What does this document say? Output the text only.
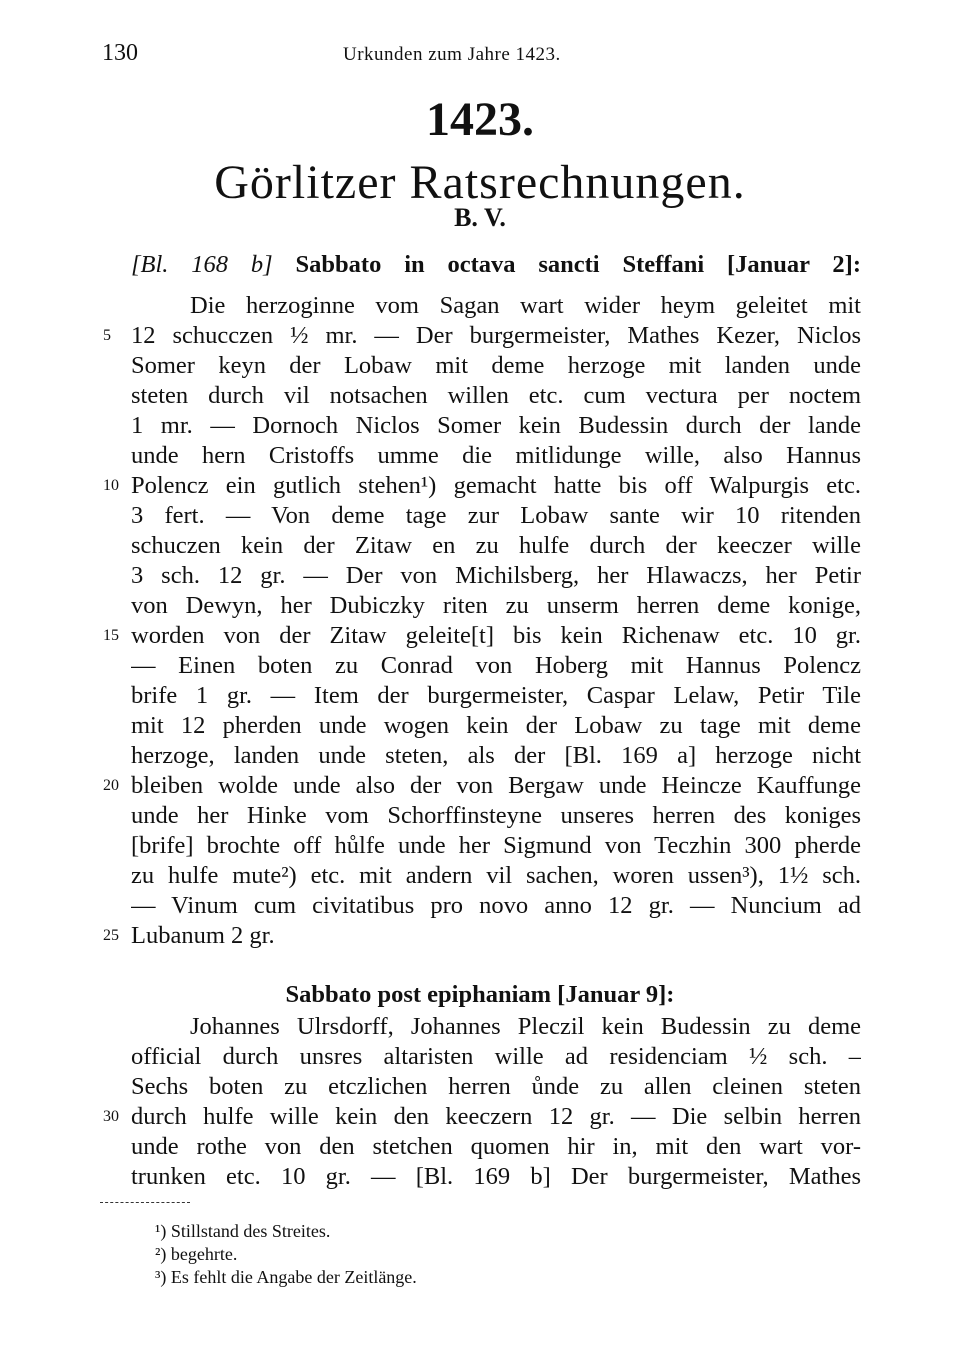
130	Urkunden zum Jahre 1423.
1423.
Görlitzer Ratsrechnungen.
B. V.
[Bl. 168 b] Sabbato in octava sancti Steffani [Januar 2]:
Die herzoginne vom Sagan wart wider heym geleitet mit
12 schucczen ½ mr. — Der burgermeister, Mathes Kezer, Niclos
Somer keyn der Lobaw mit deme herzoge mit landen unde
steten durch vil notsachen willen etc. cum vectura per noctem
1 mr. — Dornoch Niclos Somer kein Budessin durch der lande
unde hern Cristoffs umme die mitlidunge wille, also Hannus
Polencz ein gutlich stehen¹) gemacht hatte bis off Walpurgis etc.
3 fert. — Von deme tage zur Lobaw sante wir 10 ritenden
schuczen kein der Zitaw en zu hulfe durch der keeczer wille
3 sch. 12 gr. — Der von Michilsberg, her Hlawaczs, her Petir
von Dewyn, her Dubiczky riten zu unserm herren deme konige,
worden von der Zitaw geleite[t] bis kein Richenaw etc. 10 gr.
— Einen boten zu Conrad von Hoberg mit Hannus Polencz
brife 1 gr. — Item der burgermeister, Caspar Lelaw, Petir Tile
mit 12 pherden unde wogen kein der Lobaw zu tage mit deme
herzoge, landen unde steten, als der [Bl. 169 a] herzoge nicht
bleiben wolde unde also der von Bergaw unde Heincze Kauffunge
unde her Hinke vom Schorffinsteyne unseres herren des koniges
[brife] brochte off hůlfe unde her Sigmund von Teczhin 300 pherde
zu hulfe mute²) etc. mit andern vil sachen, woren ussen³), 1½ sch.
— Vinum cum civitatibus pro novo anno 12 gr. — Nuncium ad
Lubanum 2 gr.
Sabbato post epiphaniam [Januar 9]:
Johannes Ulrsdorff, Johannes Pleczil kein Budessin zu deme
official durch unsres altaristen wille ad residenciam ½ sch. –
Sechs boten zu etczlichen herren ůnde zu allen cleinen steten
durch hulfe wille kein den keeczern 12 gr. — Die selbin herren
unde rothe von den stetchen quomen hir in, mit den wart vor-
trunken etc. 10 gr. — [Bl. 169 b] Der burgermeister, Mathes
5
10
15
20
25
30
¹) Stillstand des Streites.
²) begehrte.
³) Es fehlt die Angabe der Zeitlänge.
